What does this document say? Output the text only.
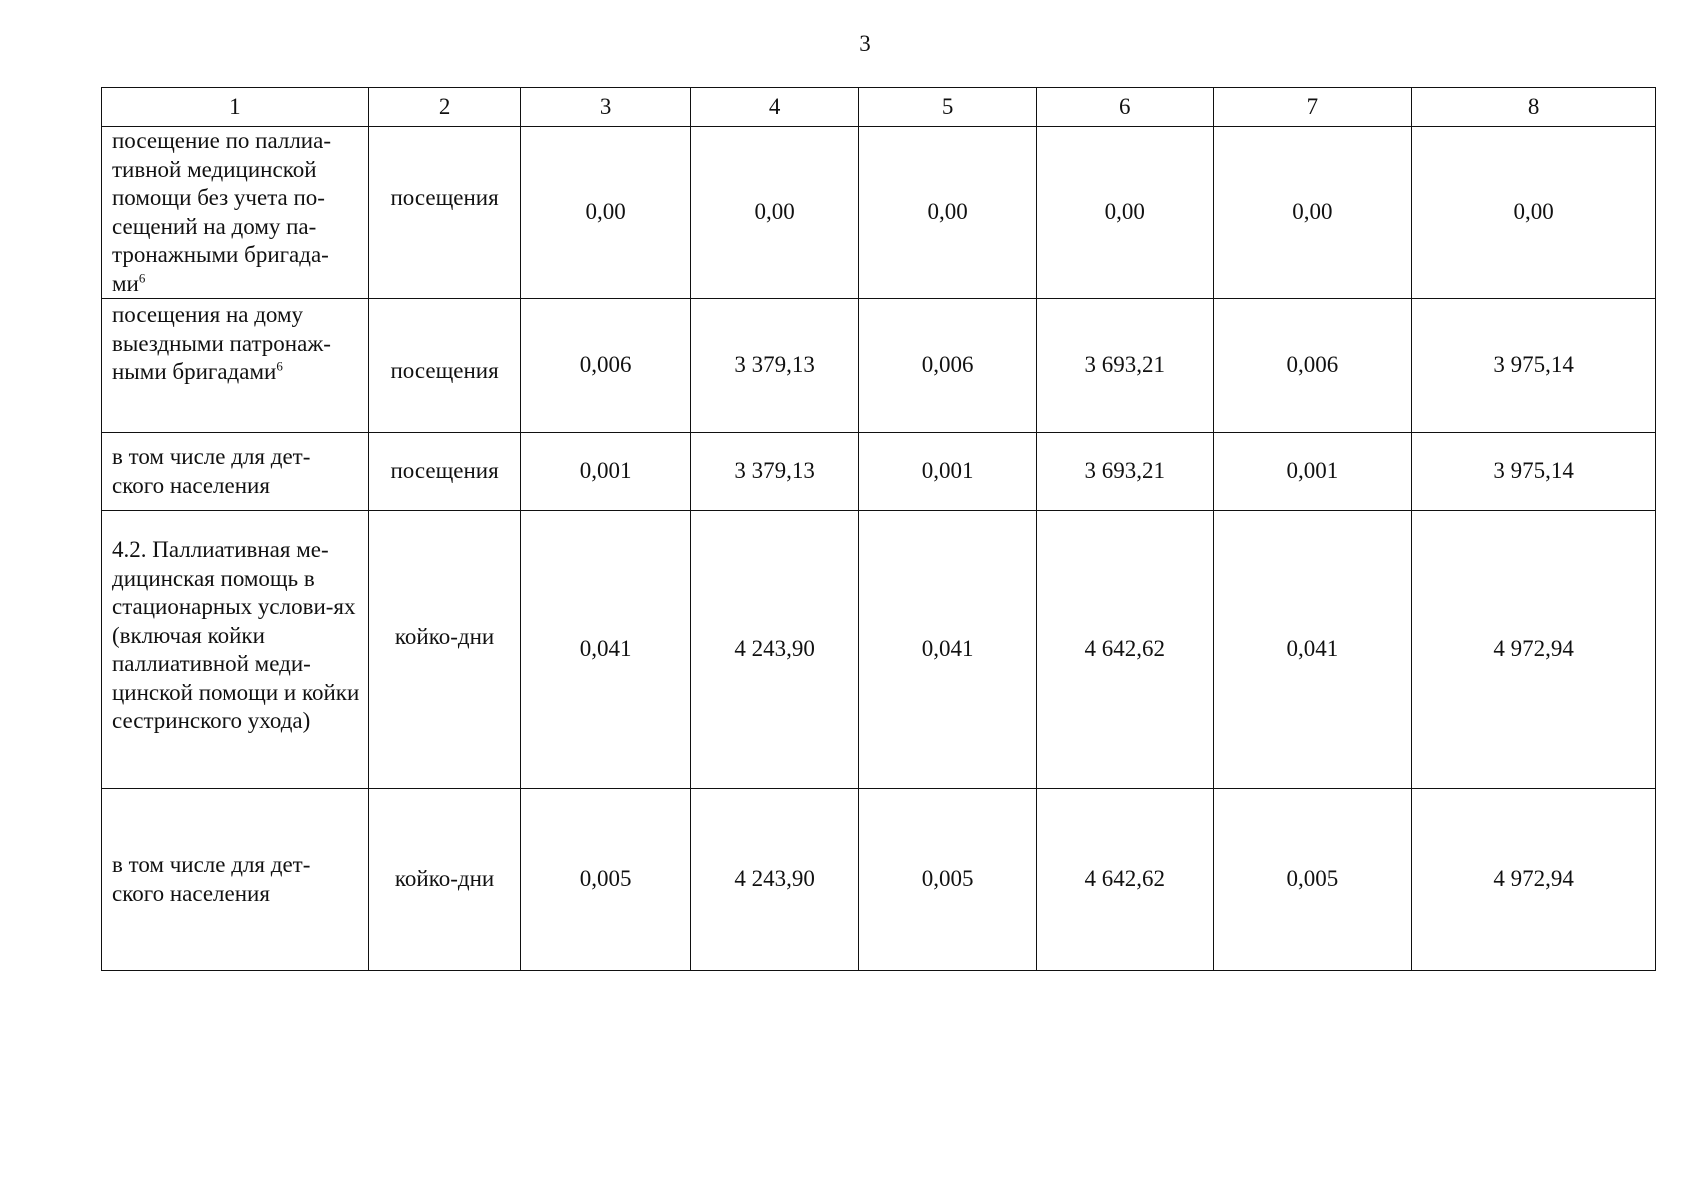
3
1	2	3	4	5	6	7	8
посещение по паллиа-тивной медицинской помощи без учета по-сещений на дому па-тронажными бригада-$ми^6$	посещения	0,00	0,00	0,00	0,00	0,00	0,00
посещения на дому выездными патронаж-ными бригадами$^6$	посещения	0,006	3 379,13	0,006	3 693,21	0,006	3 975,14
в том числе для дет-ского населения	посещения	0,001	3 379,13	0,001	3 693,21	0,001	3 975,14
4.2. Паллиативная ме-дицинская помощь в стационарных услови-ях (включая койки паллиативной меди-цинской помощи и койки сестринского ухода)	койко-дни	0,041	4 243,90	0,041	4 642,62	0,041	4 972,94
в том числе для дет-ского населения	койко-дни	0,005	4 243,90	0,005	4 642,62	0,005	4 972,94
